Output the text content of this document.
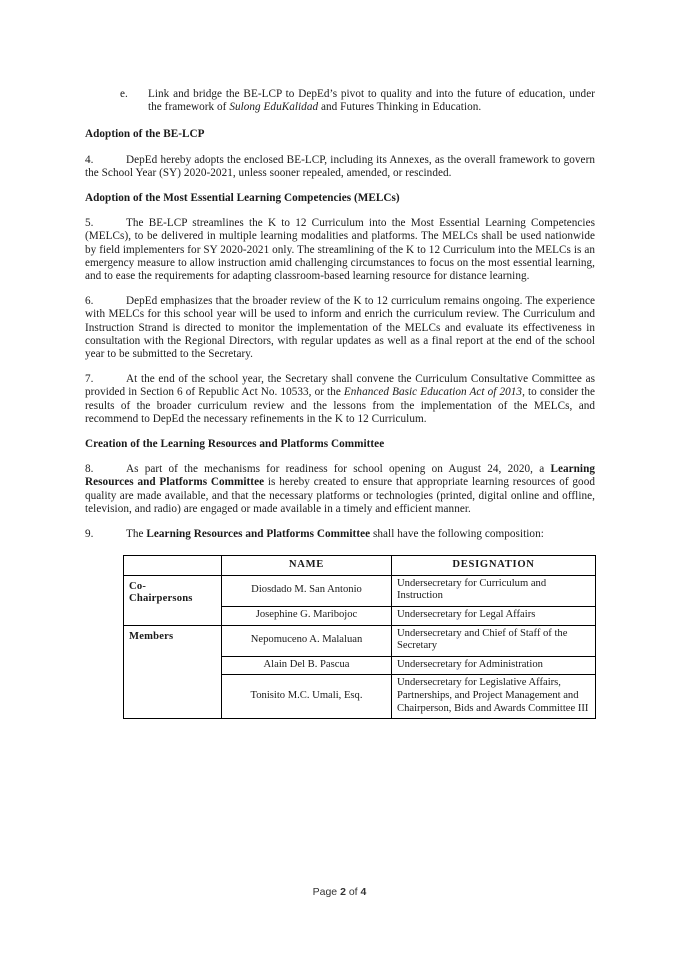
e.	Link and bridge the BE-LCP to DepEd’s pivot to quality and into the future of education, under the framework of Sulong EduKalidad and Futures Thinking in Education.
Adoption of the BE-LCP

4.	DepEd hereby adopts the enclosed BE-LCP, including its Annexes, as the overall framework to govern the School Year (SY) 2020-2021, unless sooner repealed, amended, or rescinded.

Adoption of the Most Essential Learning Competencies (MELCs)

5.	The BE-LCP streamlines the K to 12 Curriculum into the Most Essential Learning Competencies (MELCs), to be delivered in multiple learning modalities and platforms. The MELCs shall be used nationwide by field implementers for SY 2020-2021 only. The streamlining of the K to 12 Curriculum into the MELCs is an emergency measure to allow instruction amid challenging circumstances to focus on the most essential learning, and to ease the requirements for adapting classroom-based learning resource for distance learning.

6.	DepEd emphasizes that the broader review of the K to 12 curriculum remains ongoing. The experience with MELCs for this school year will be used to inform and enrich the curriculum review. The Curriculum and Instruction Strand is directed to monitor the implementation of the MELCs and evaluate its effectiveness in consultation with the Regional Directors, with regular updates as well as a final report at the end of the school year to be submitted to the Secretary.

7.	At the end of the school year, the Secretary shall convene the Curriculum Consultative Committee as provided in Section 6 of Republic Act No. 10533, or the Enhanced Basic Education Act of 2013, to consider the results of the broader curriculum review and the lessons from the implementation of the MELCs, and recommend to DepEd the necessary refinements in the K to 12 Curriculum.

Creation of the Learning Resources and Platforms Committee

8.	As part of the mechanisms for readiness for school opening on August 24, 2020, a Learning Resources and Platforms Committee is hereby created to ensure that appropriate learning resources of good quality are made available, and that the necessary platforms or technologies (printed, digital online and offline, television, and radio) are engaged or made available in a timely and efficient manner.

9.	The Learning Resources and Platforms Committee shall have the following composition:

	NAME	DESIGNATION
Co-
Chairpersons	Diosdado M. San Antonio	Undersecretary for Curriculum and Instruction
	Josephine G. Maribojoc	Undersecretary for Legal Affairs
Members	Nepomuceno A. Malaluan	Undersecretary and Chief of Staff of the Secretary
	Alain Del B. Pascua	Undersecretary for Administration
	Tonisito M.C. Umali, Esq.	Undersecretary for Legislative Affairs, Partnerships, and Project Management and Chairperson, Bids and Awards Committee III
Page 2 of 4
